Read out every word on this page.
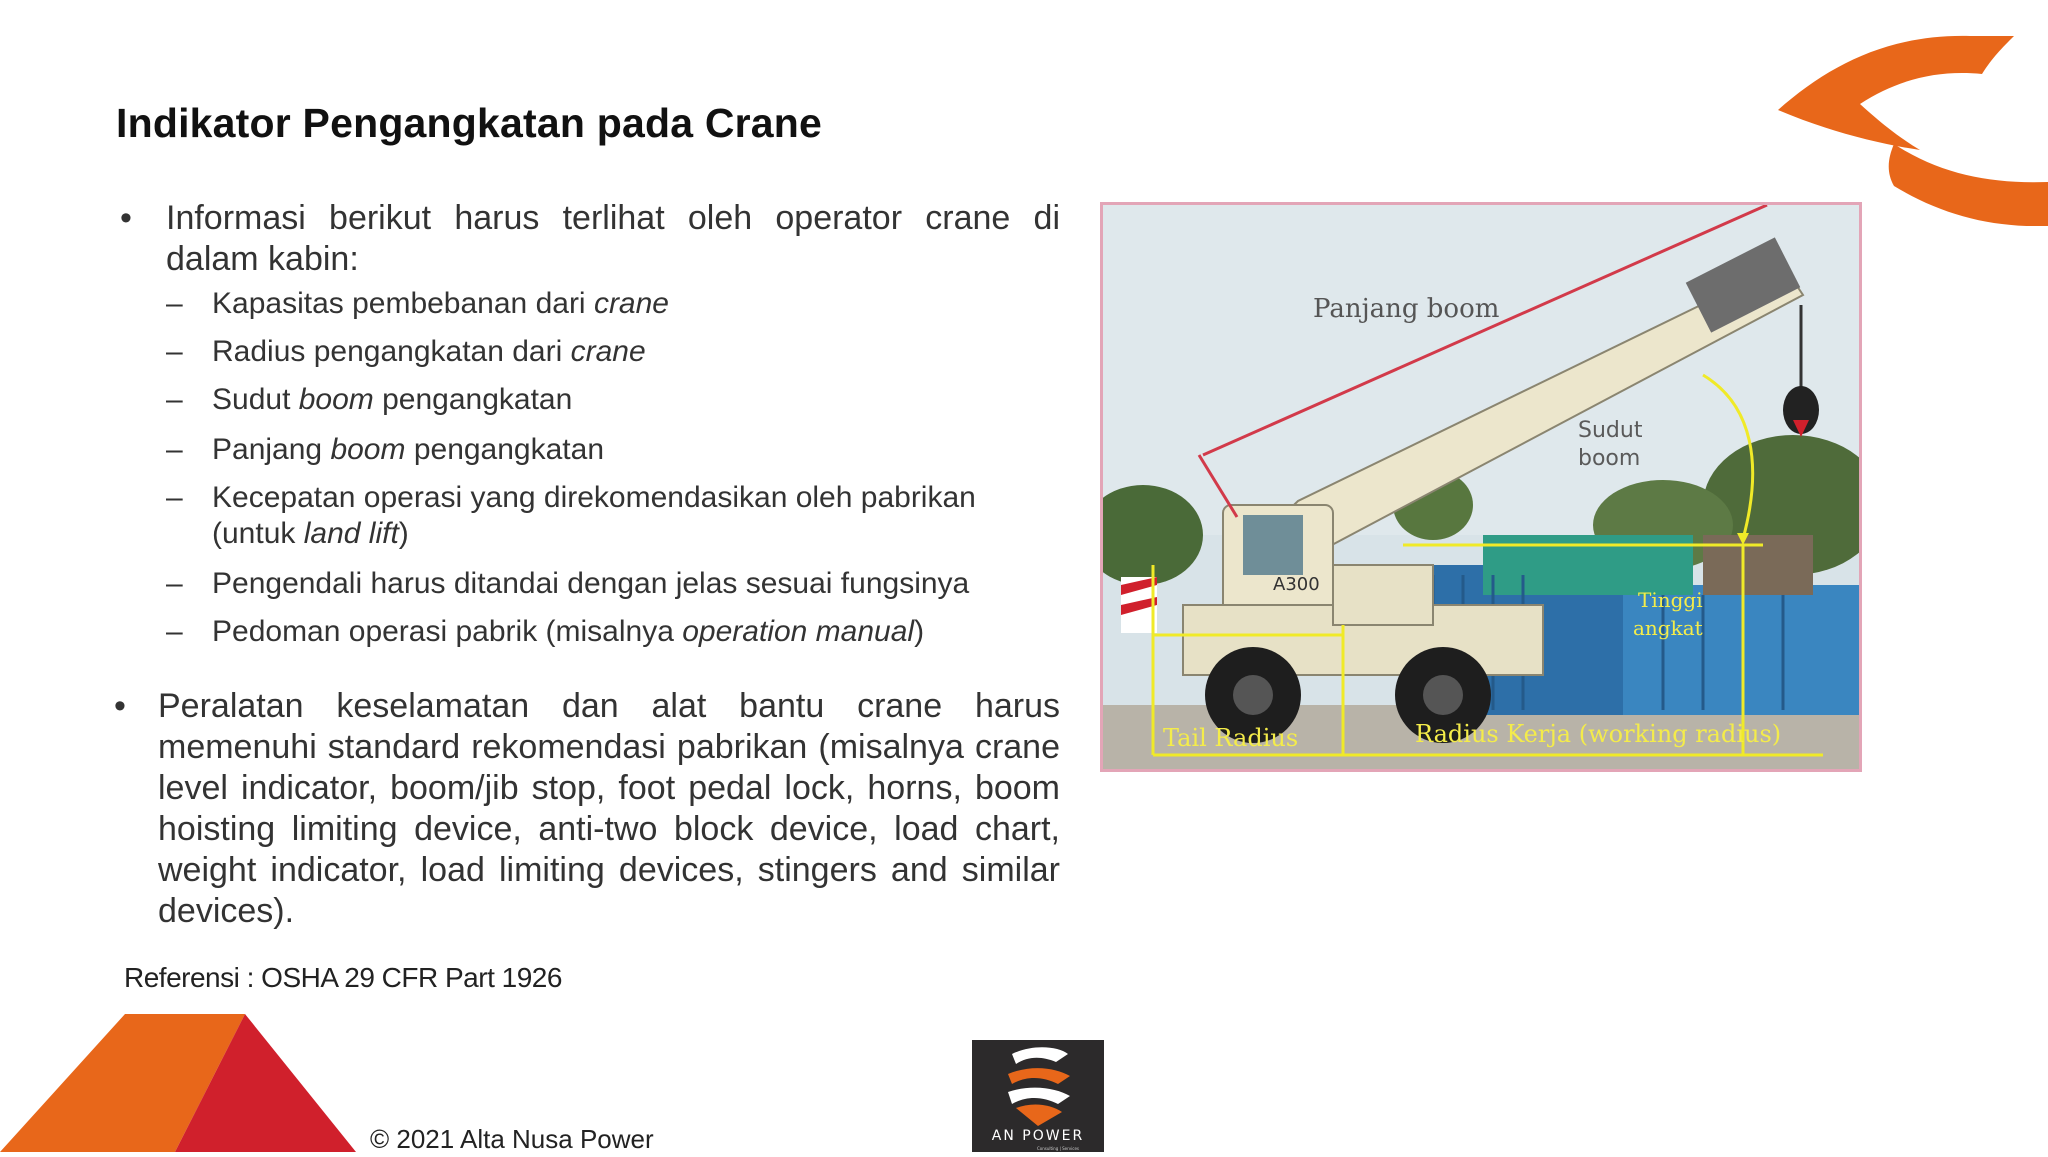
Indikator Pengangkatan pada Crane
• Informasi berikut harus terlihat oleh operator crane di dalam kabin:
– Kapasitas pembebanan dari crane
– Radius pengangkatan dari crane
– Sudut boom pengangkatan
– Panjang boom pengangkatan
– Kecepatan operasi yang direkomendasikan oleh pabrikan (untuk land lift)
– Pengendali harus ditandai dengan jelas sesuai fungsinya
– Pedoman operasi pabrik (misalnya operation manual)
• Peralatan keselamatan dan alat bantu crane harus memenuhi standard rekomendasi pabrikan (misalnya crane level indicator, boom/jib stop, foot pedal lock, horns, boom hoisting limiting device, anti-two block device, load chart, weight indicator, load limiting devices, stingers and similar devices).
Referensi : OSHA 29 CFR Part 1926
© 2021 Alta Nusa Power
A300
Panjang boom
Sudut
boom
Tinggi
angkat
Tail Radius	Radius Kerja (working radius)
AN POWER
Consulting | Services
